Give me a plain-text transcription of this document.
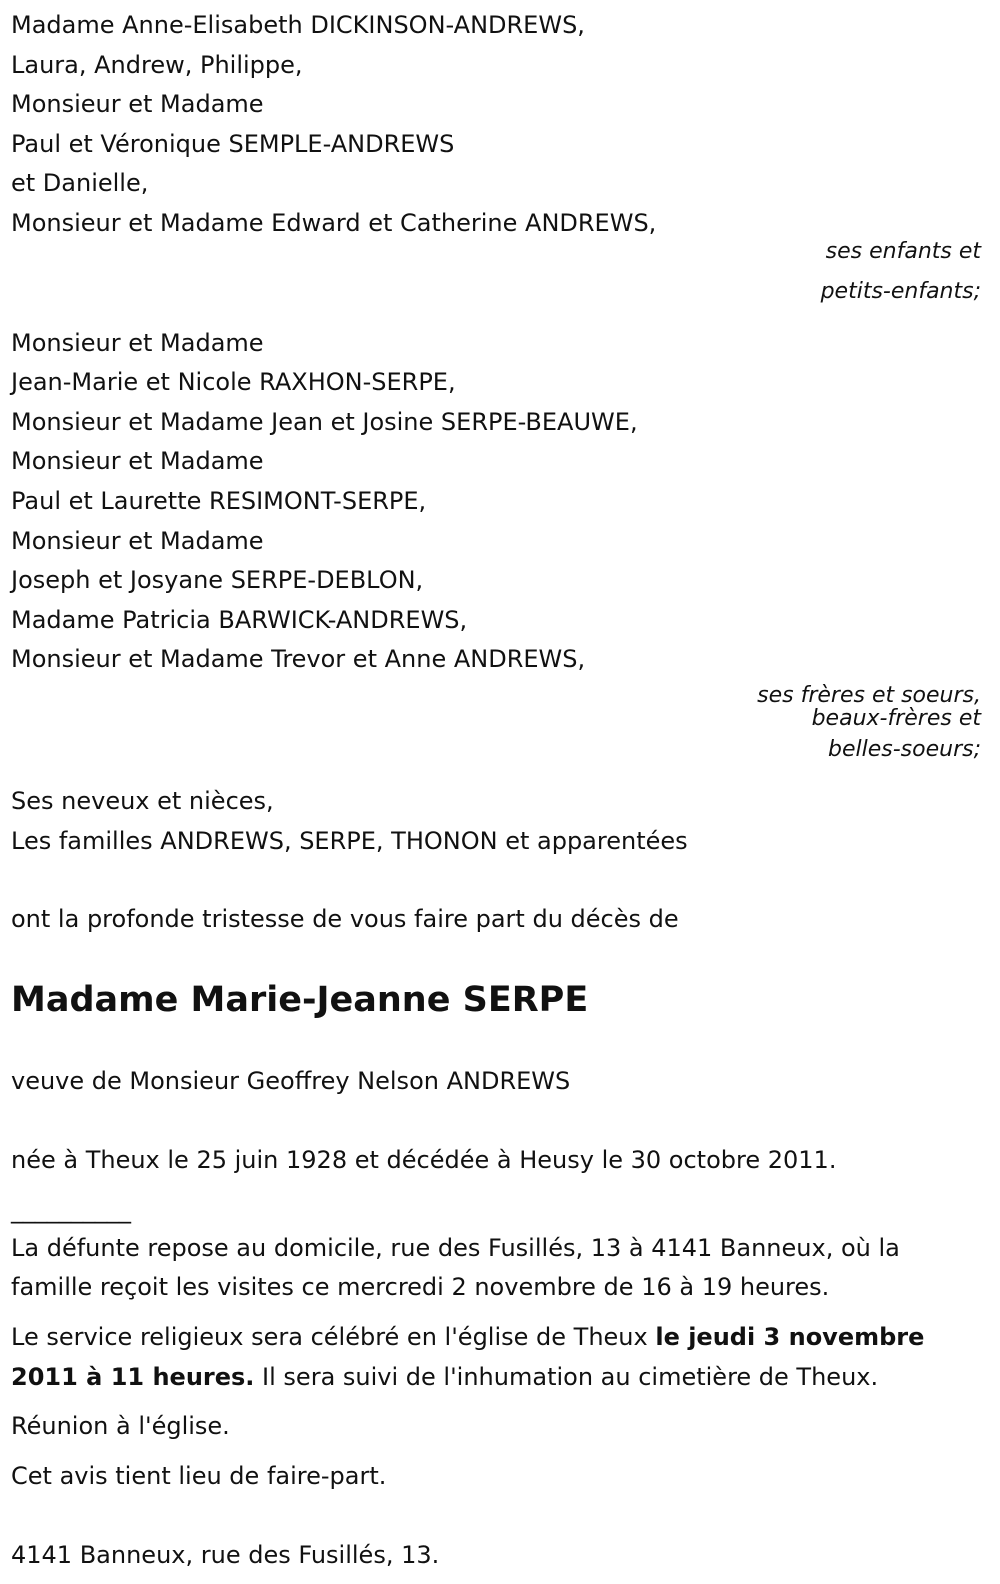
Madame Anne-Elisabeth DICKINSON-ANDREWS,

Laura, Andrew, Philippe,

Monsieur et Madame

Paul et Véronique SEMPLE-ANDREWS

et Danielle,

Monsieur et Madame Edward et Catherine ANDREWS,

ses enfants et

petits-enfants;

Monsieur et Madame

Jean-Marie et Nicole RAXHON-SERPE,

Monsieur et Madame Jean et Josine SERPE-BEAUWE,

Monsieur et Madame

Paul et Laurette RESIMONT-SERPE,

Monsieur et Madame

Joseph et Josyane SERPE-DEBLON,

Madame Patricia BARWICK-ANDREWS,

Monsieur et Madame Trevor et Anne ANDREWS,

ses frères et soeurs,

beaux-frères et

belles-soeurs;

Ses neveux et nièces,

Les familles ANDREWS, SERPE, THONON et apparentées

ont la profonde tristesse de vous faire part du décès de

Madame Marie-Jeanne SERPE

veuve de Monsieur Geoffrey Nelson ANDREWS

née à Theux le 25 juin 1928 et décédée à Heusy le 30 octobre 2011.

__________

La défunte repose au domicile, rue des Fusillés, 13 à 4141 Banneux, où la famille reçoit les visites ce mercredi 2 novembre de 16 à 19 heures.

Le service religieux sera célébré en l'église de Theux le jeudi 3 novembre 2011 à 11 heures. Il sera suivi de l'inhumation au cimetière de Theux.

Réunion à l'église.

Cet avis tient lieu de faire-part.

4141 Banneux, rue des Fusillés, 13.
